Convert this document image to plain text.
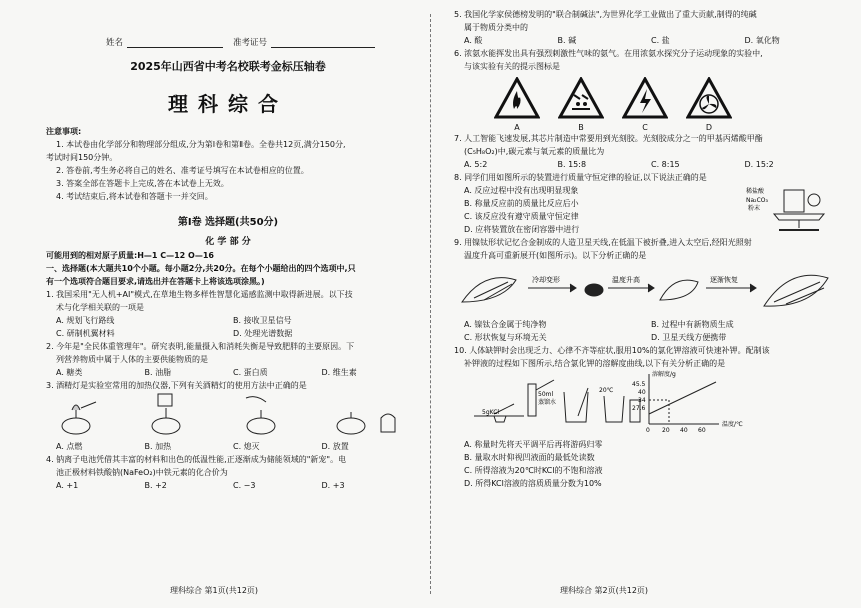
姓名	准考证号
2025年山西省中考名校联考金标压轴卷
理科综合
注意事项:
1. 本试卷由化学部分和物理部分组成,分为第Ⅰ卷和第Ⅱ卷。全卷共12页,满分150分,
考试时间150分钟。
2. 答卷前,考生务必将自己的姓名、准考证号填写在本试卷相应的位置。
3. 答案全部在答题卡上完成,答在本试卷上无效。
4. 考试结束后,将本试卷和答题卡一并交回。
第Ⅰ卷 选择题(共50分)
化 学 部 分
可能用到的相对原子质量:H—1 C—12 O—16
一、选择题(本大题共10个小题。每小题2分,共20分。在每个小题给出的四个选项中,只
有一个选项符合题目要求,请选出并在答题卡上将该选项涂黑。)
1. 我国采用"无人机+AI"模式,在草地生物多样性智慧化遥感监测中取得新进展。以下技
术与化学相关联的一项是
A. 规划飞行路线	B. 接收卫星信号
C. 研制机翼材料	D. 处理光谱数据
2. 今年是"全民体重管理年"。研究表明,能量摄入和消耗失衡是导致肥胖的主要原因。下
列营养物质中属于人体的主要供能物质的是
A. 糖类	B. 油脂	C. 蛋白质	D. 维生素
3. 酒精灯是实验室常用的加热仪器,下列有关酒精灯的使用方法中正确的是
A. 点燃	B. 加热	C. 熄灭	D. 放置
4. 钠离子电池凭借其丰富的材料和出色的低温性能,正逐渐成为储能领域的"新宠"。电
池正极材料铁酸钠(NaFeO₂)中铁元素的化合价为
A. +1	B. +2	C. −3	D. +3
理科综合 第1页(共12页)
5. 我国化学家侯德榜发明的"联合制碱法",为世界化学工业做出了重大贡献,制得的纯碱
属于物质分类中的
A. 酸	B. 碱	C. 盐	D. 氧化物
6. 浓氨水能挥发出具有强烈刺激性气味的氨气。在用浓氨水探究分子运动现象的实验中,
与该实验有关的提示图标是
A	B	C	D
7. 人工智能飞速发展,其芯片制造中常要用到光刻胶。光刻胶成分之一的甲基丙烯酸甲酯
(C₅H₈O₂)中,碳元素与氧元素的质量比为
A. 5:2	B. 15:8	C. 8:15	D. 15:2
8. 同学们用如图所示的装置进行质量守恒定律的验证,以下说法正确的是
A. 反应过程中没有出现明显现象
B. 称量反应前的质量比反应后小
C. 该反应没有遵守质量守恒定律
D. 应将装置放在密闭容器中进行
稀盐酸
Na₂CO₃
粉末
9. 用镍钛形状记忆合金制成的人造卫星天线,在低温下被折叠,进入太空后,经阳光照射
温度升高可重新展开(如图所示)。以下分析正确的是
冷却变形	温度升高	逐渐恢复
A. 镍钛合金属于纯净物	B. 过程中有新物质生成
C. 形状恢复与环境无关	D. 卫星天线方便携带
10. 人体缺钾时会出现乏力、心律不齐等症状,服用10%的氯化钾溶液可快速补钾。配制该
补钾液的过程如下图所示,结合氯化钾的溶解度曲线,以下有关分析正确的是
5gKCl
50ml
蒸馏水
20℃
溶解度/g
温度/℃
45.5
40
34
27.6
0 20 40 60
A. 称量时先将天平调平后再将游码归零
B. 量取水时仰视凹液面的最低处读数
C. 所得溶液为20℃时KCl的不饱和溶液
D. 所得KCl溶液的溶质质量分数为10%
理科综合 第2页(共12页)
